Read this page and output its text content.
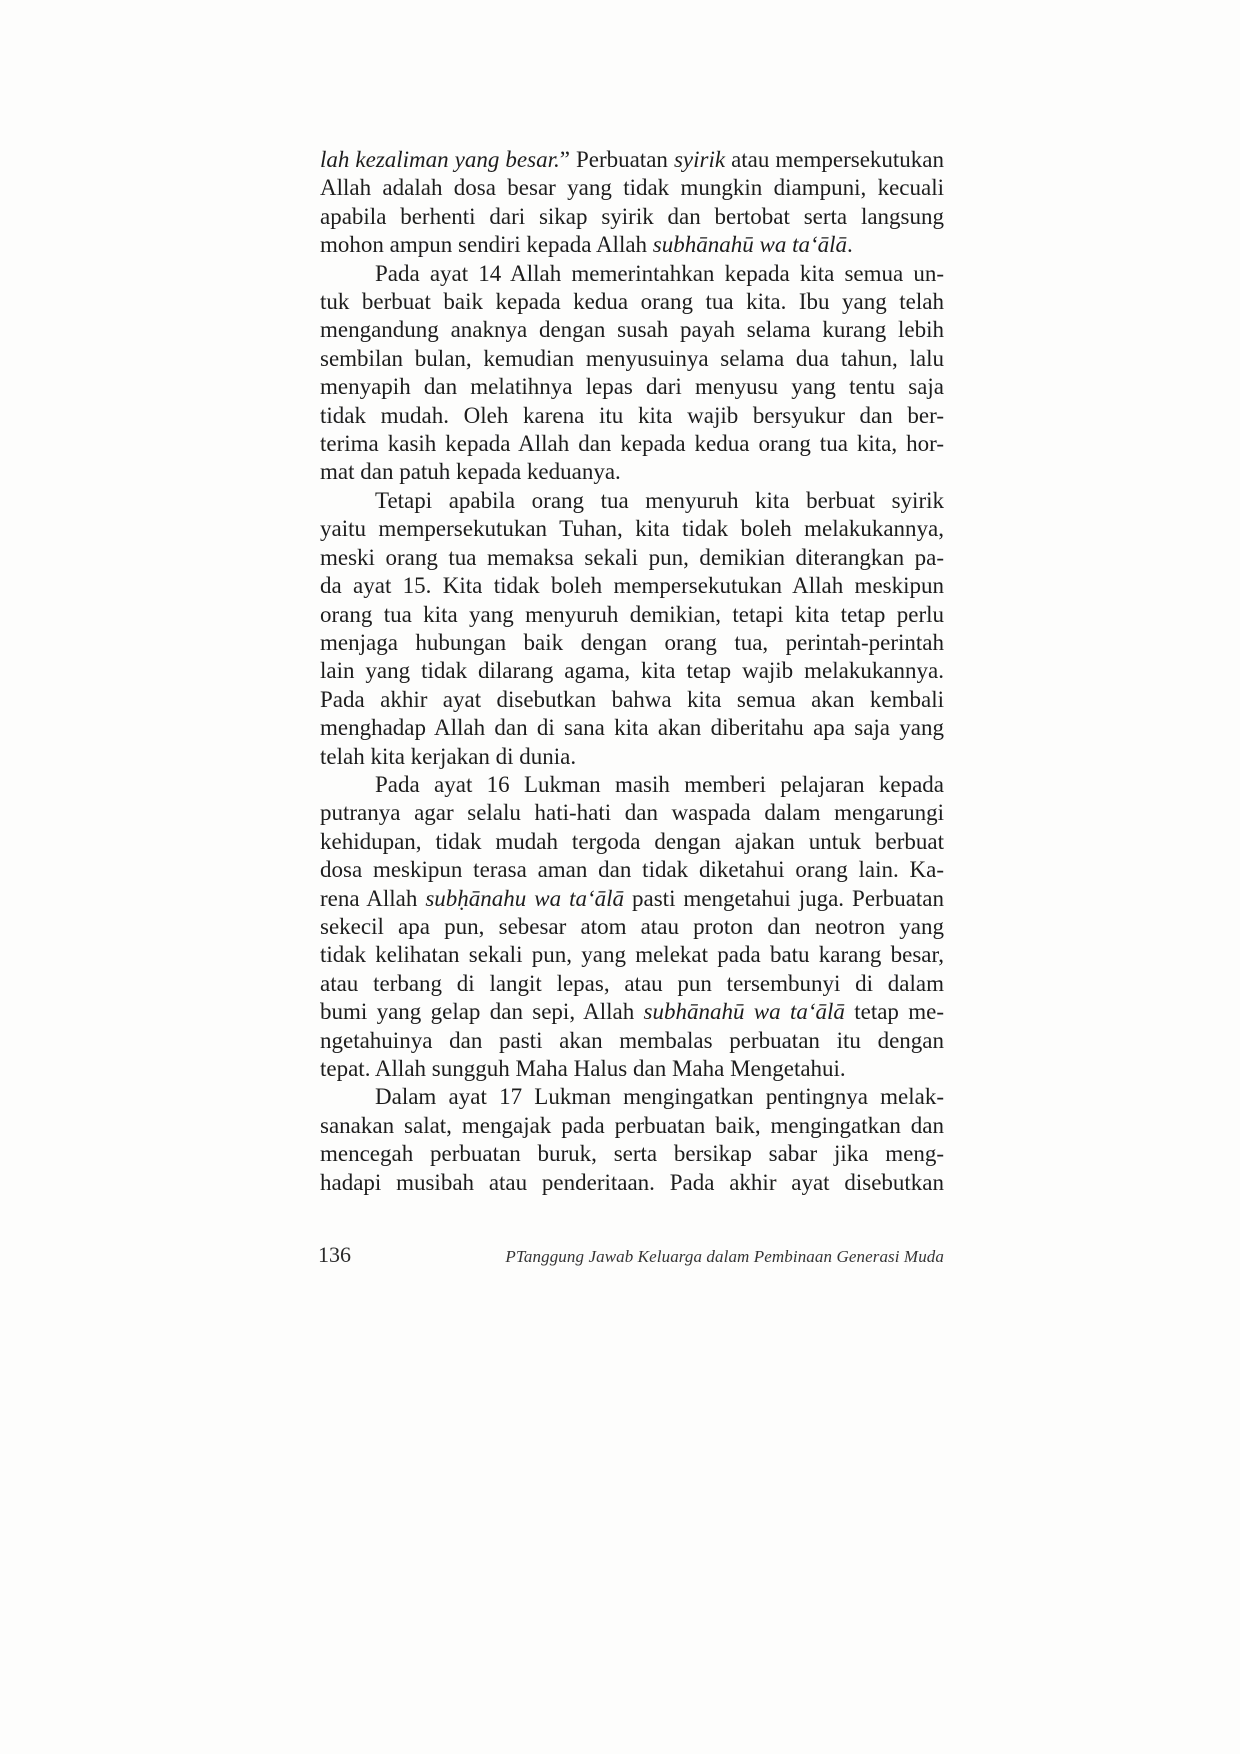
lah kezaliman yang besar.” Perbuatan syirik atau mempersekutukan
Allah adalah dosa besar yang tidak mungkin diampuni, kecuali
apabila berhenti dari sikap syirik dan bertobat serta langsung
mohon ampun sendiri kepada Allah subhānahū wa ta‘ālā.
Pada ayat 14 Allah memerintahkan kepada kita semua un-
tuk berbuat baik kepada kedua orang tua kita. Ibu yang telah
mengandung anaknya dengan susah payah selama kurang lebih
sembilan bulan, kemudian menyusuinya selama dua tahun, lalu
menyapih dan melatihnya lepas dari menyusu yang tentu saja
tidak mudah. Oleh karena itu kita wajib bersyukur dan ber-
terima kasih kepada Allah dan kepada kedua orang tua kita, hor-
mat dan patuh kepada keduanya.
Tetapi apabila orang tua menyuruh kita berbuat syirik
yaitu mempersekutukan Tuhan, kita tidak boleh melakukannya,
meski orang tua memaksa sekali pun, demikian diterangkan pa-
da ayat 15. Kita tidak boleh mempersekutukan Allah meskipun
orang tua kita yang menyuruh demikian, tetapi kita tetap perlu
menjaga hubungan baik dengan orang tua, perintah-perintah
lain yang tidak dilarang agama, kita tetap wajib melakukannya.
Pada akhir ayat disebutkan bahwa kita semua akan kembali
menghadap Allah dan di sana kita akan diberitahu apa saja yang
telah kita kerjakan di dunia.
Pada ayat 16 Lukman masih memberi pelajaran kepada
putranya agar selalu hati-hati dan waspada dalam mengarungi
kehidupan, tidak mudah tergoda dengan ajakan untuk berbuat
dosa meskipun terasa aman dan tidak diketahui orang lain. Ka-
rena Allah subḥānahu wa ta‘ālā pasti mengetahui juga. Perbuatan
sekecil apa pun, sebesar atom atau proton dan neotron yang
tidak kelihatan sekali pun, yang melekat pada batu karang besar,
atau terbang di langit lepas, atau pun tersembunyi di dalam
bumi yang gelap dan sepi, Allah subhānahū wa ta‘ālā tetap me-
ngetahuinya dan pasti akan membalas perbuatan itu dengan
tepat. Allah sungguh Maha Halus dan Maha Mengetahui.
Dalam ayat 17 Lukman mengingatkan pentingnya melak-
sanakan salat, mengajak pada perbuatan baik, mengingatkan dan
mencegah perbuatan buruk, serta bersikap sabar jika meng-
hadapi musibah atau penderitaan. Pada akhir ayat disebutkan
136	PTanggung Jawab Keluarga dalam Pembinaan Generasi Muda
